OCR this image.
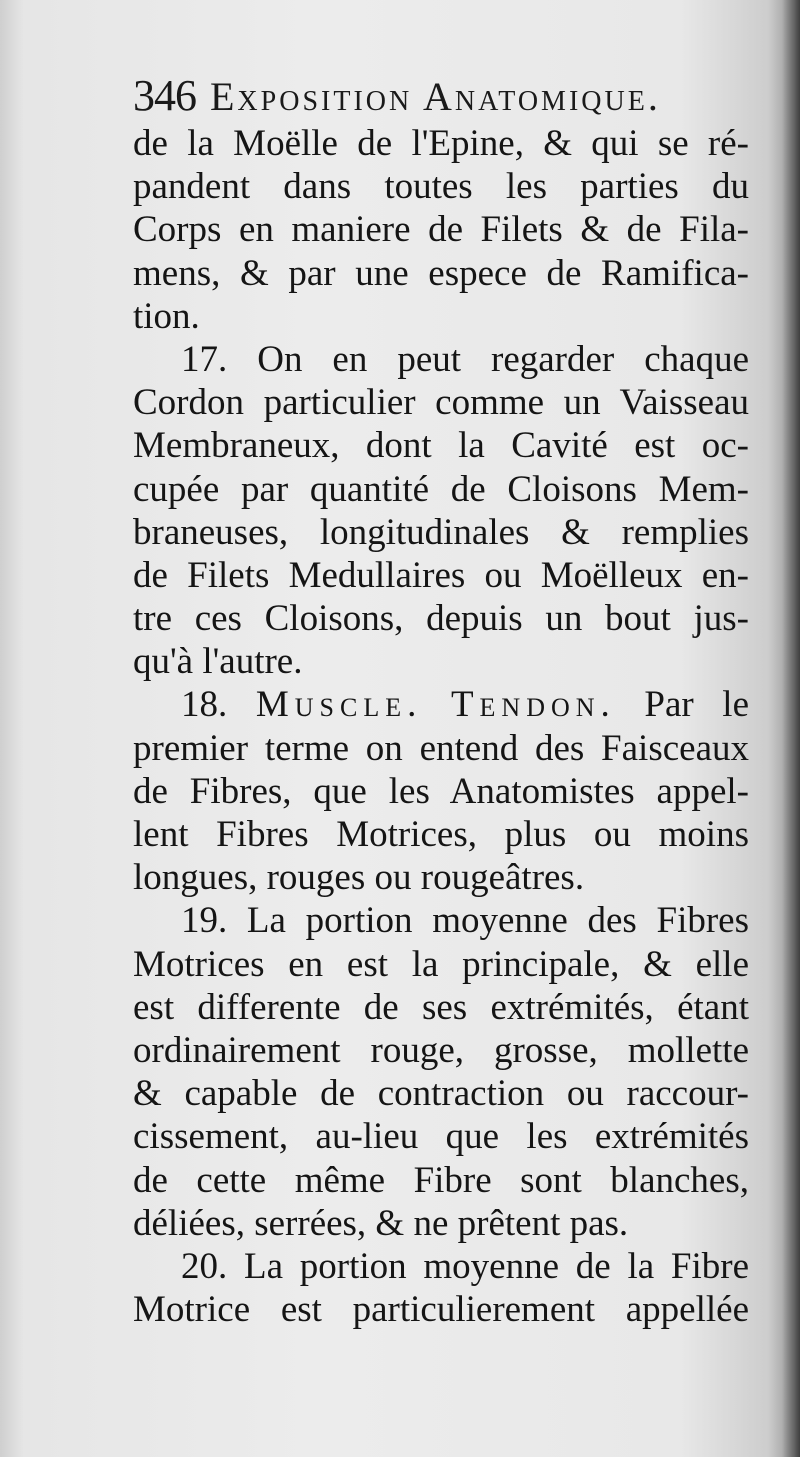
346 Exposition Anatomique.
de la Moëlle de l'Epine, & qui se ré-
pandent dans toutes les parties du
Corps en maniere de Filets & de Fila-
mens, & par une espece de Ramifica-
tion.
17. On en peut regarder chaque
Cordon particulier comme un Vaisseau
Membraneux, dont la Cavité est oc-
cupée par quantité de Cloisons Mem-
braneuses, longitudinales & remplies
de Filets Medullaires ou Moëlleux en-
tre ces Cloisons, depuis un bout jus-
qu'à l'autre.
18. Muscle. Tendon. Par le
premier terme on entend des Faisceaux
de Fibres, que les Anatomistes appel-
lent Fibres Motrices, plus ou moins
longues, rouges ou rougeâtres.
19. La portion moyenne des Fibres
Motrices en est la principale, & elle
est differente de ses extrémités, étant
ordinairement rouge, grosse, mollette
& capable de contraction ou raccour-
cissement, au-lieu que les extrémités
de cette même Fibre sont blanches,
déliées, serrées, & ne prêtent pas.
20. La portion moyenne de la Fibre
Motrice est particulierement appellée
